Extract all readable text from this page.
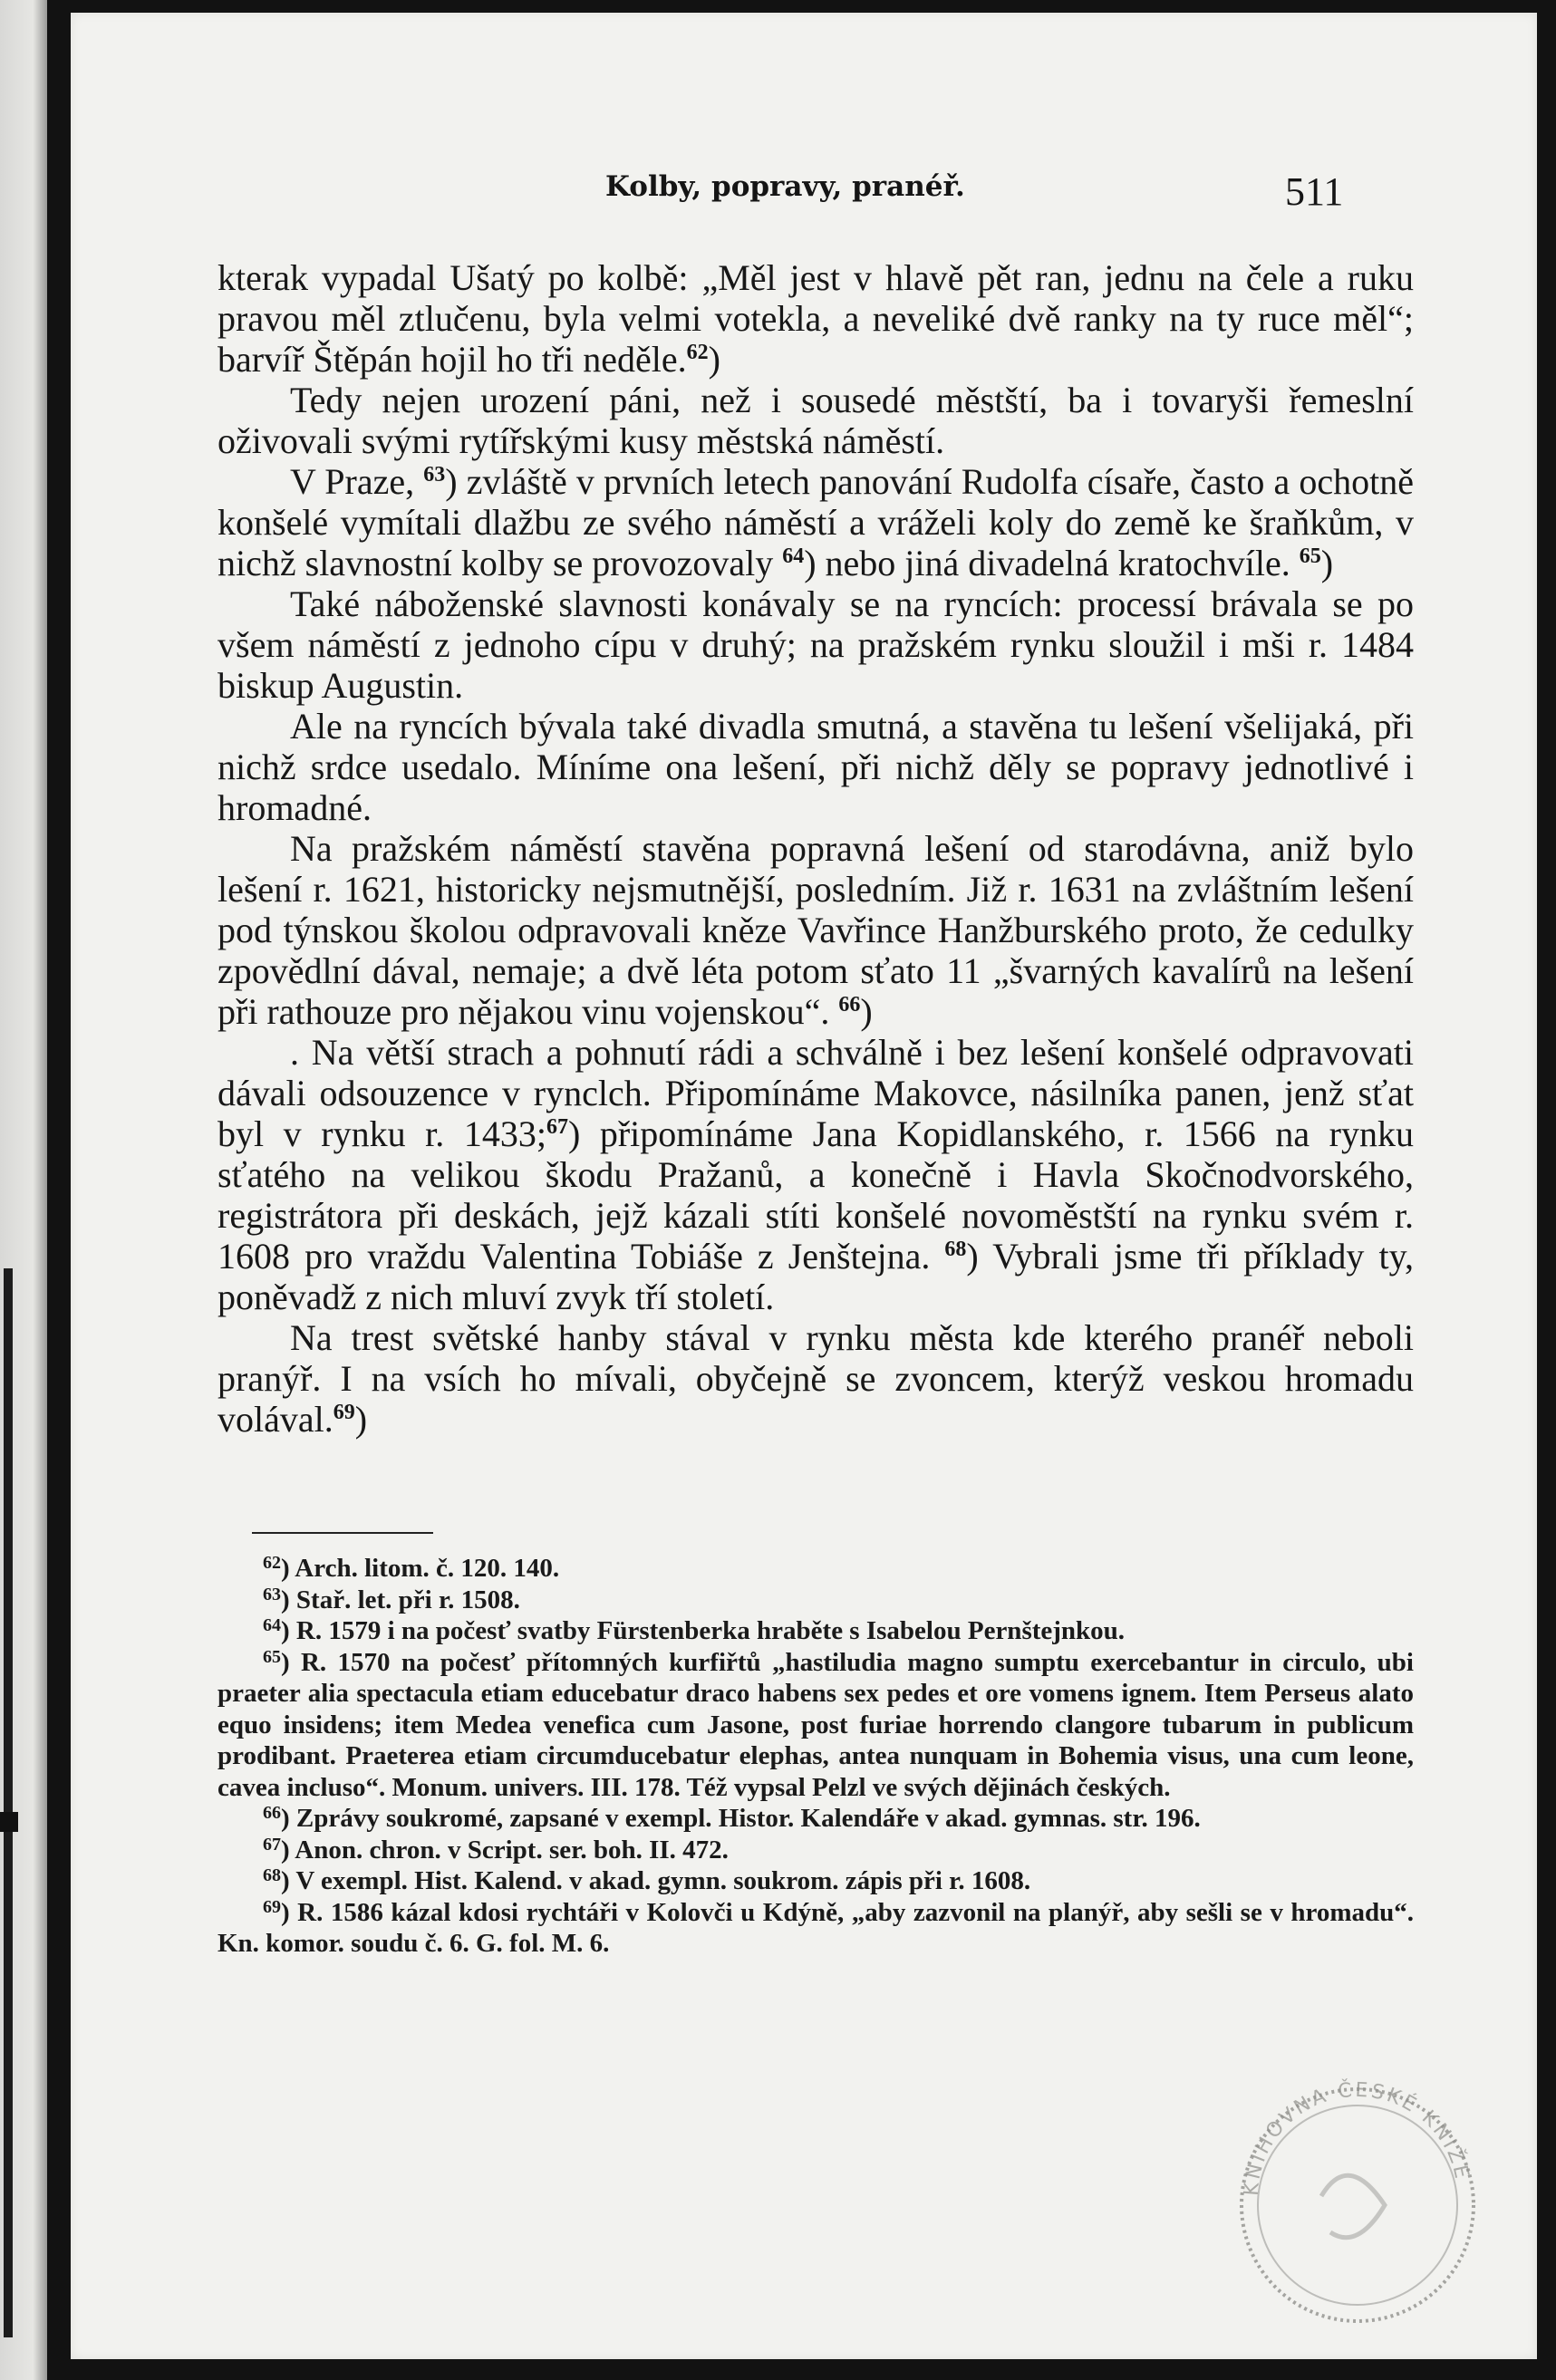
Kolby, popravy, pranéř.	511

kterak vypadal Ušatý po kolbě: „Měl jest v hlavě pět ran, jednu na čele a ruku pravou měl ztlučenu, byla velmi votekla, a neveliké dvě ranky na ty ruce měl“; barvíř Štěpán hojil ho tři neděle.$^{62}$)

Tedy nejen urození páni, než i sousedé městští, ba i tovaryši řemeslní oživovali svými rytířskými kusy městská náměstí.

V Praze, $^{63}$) zvláště v prvních letech panování Rudolfa císaře, často a ochotně konšelé vymítali dlažbu ze svého náměstí a vráželi koly do země ke šraňkům, v nichž slavnostní kolby se provozovaly $^{64}$) nebo jiná divadelná kratochvíle. $^{65}$)

Také náboženské slavnosti konávaly se na ryncích: processí brávala se po všem náměstí z jednoho cípu v druhý; na pražském rynku sloužil i mši r. 1484 biskup Augustin.

Ale na ryncích bývala také divadla smutná, a stavěna tu lešení všelijaká, při nichž srdce usedalo. Míníme ona lešení, při nichž děly se popravy jednotlivé i hromadné.

Na pražském náměstí stavěna popravná lešení od starodávna, aniž bylo lešení r. 1621, historicky nejsmutnější, posledním. Již r. 1631 na zvláštním lešení pod týnskou školou odpravovali kněze Vavřince Hanžburského proto, že cedulky zpovědlní dával, nemaje; a dvě léta potom sťato 11 „švarných kavalírů na lešení při rathouze pro nějakou vinu vojenskou“. $^{66}$)

. Na větší strach a pohnutí rádi a schválně i bez lešení konšelé odpravovati dávali odsouzence v rynclch. Připomínáme Makovce, násilníka panen, jenž sťat byl v rynku r. 1433;$^{67}$) připomínáme Jana Kopidlanského, r. 1566 na rynku sťatého na velikou škodu Pražanů, a konečně i Havla Skočnodvorského, registrátora při deskách, jejž kázali stíti konšelé novoměstští na rynku svém r. 1608 pro vraždu Valentina Tobiáše z Jenštejna. $^{68}$) Vybrali jsme tři příklady ty, poněvadž z nich mluví zvyk tří století.

Na trest světské hanby stával v rynku města kde kterého pranéř neboli pranýř. I na vsích ho mívali, obyčejně se zvoncem, kterýž veskou hromadu volával.$^{69}$)

$^{62}$) Arch. litom. č. 120. 140.

$^{63}$) Stař. let. při r. 1508.

$^{64}$) R. 1579 i na počesť svatby Fürstenberka hraběte s Isabelou Pernštejnkou.

$^{65}$) R. 1570 na počesť přítomných kurfiřtů „hastiludia magno sumptu exercebantur in circulo, ubi praeter alia spectacula etiam educebatur draco habens sex pedes et ore vomens ignem. Item Perseus alato equo insidens; item Medea venefica cum Jasone, post furiae horrendo clangore tubarum in publicum prodibant. Praeterea etiam circumducebatur elephas, antea nunquam in Bohemia visus, una cum leone, cavea incluso“. Monum. univers. III. 178. Též vypsal Pelzl ve svých dějinách českých.

$^{66}$) Zprávy soukromé, zapsané v exempl. Histor. Kalendáře v akad. gymnas. str. 196.

$^{67}$) Anon. chron. v Script. ser. boh. II. 472.

$^{68}$) V exempl. Hist. Kalend. v akad. gymn. soukrom. zápis při r. 1608.

$^{69}$) R. 1586 kázal kdosi rychtáři v Kolovči u Kdýně, „aby zazvonil na planýř, aby sešli se v hromadu“. Kn. komor. soudu č. 6. G. fol. M. 6.

KNIHOVNA ČESKÉ KNIŽE
